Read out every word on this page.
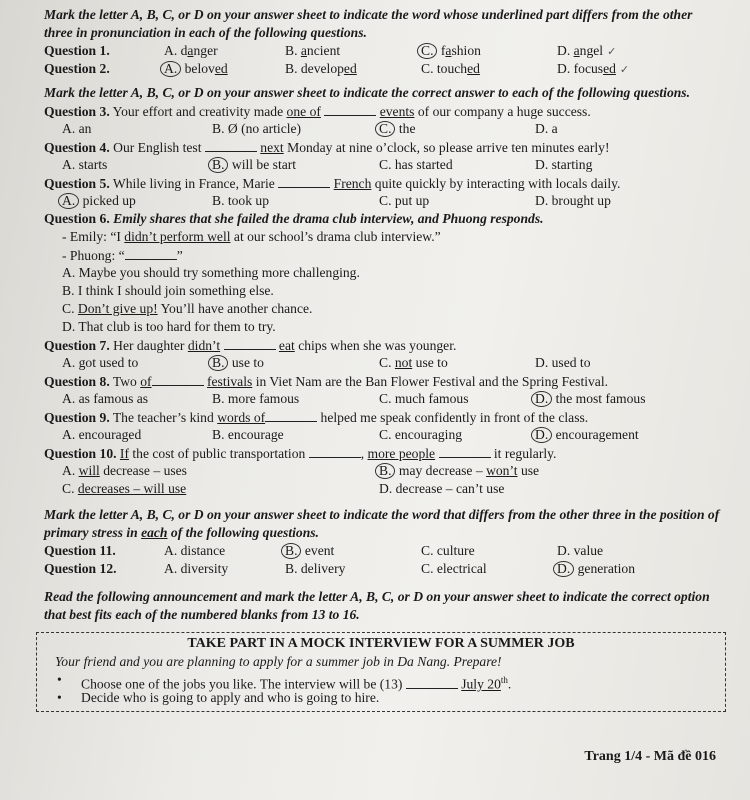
Mark the letter A, B, C, or D on your answer sheet to indicate the word whose underlined part differs from the other three in pronunciation in each of the following questions.

Question 1.	A. danger	B. ancient	C. fashion	D. angel ✓
Question 2.	A. beloved	B. developed	C. touched	D. focused ✓

Mark the letter A, B, C, or D on your answer sheet to indicate the correct answer to each of the following questions.

Question 3. Your effort and creativity made one of	events of our company a huge success.
A. an	B. Ø (no article)	C. the	D. a
Question 4. Our English test	next Monday at nine o’clock, so please arrive ten minutes early!
A. starts	B. will be start	C. has started	D. starting
Question 5. While living in France, Marie	French quite quickly by interacting with locals daily.
A. picked up	B. took up	C. put up	D. brought up
Question 6. Emily shares that she failed the drama club interview, and Phuong responds.
- Emily: “I didn’t perform well at our school’s drama club interview.”
- Phuong: “	”
A. Maybe you should try something more challenging.
B. I think I should join something else.
C. Don’t give up! You’ll have another chance.
D. That club is too hard for them to try.
Question 7. Her daughter didn’t	eat chips when she was younger.
A. got used to	B. use to	C. not use to	D. used to
Question 8. Two of	festivals in Viet Nam are the Ban Flower Festival and the Spring Festival.
A. as famous as	B. more famous	C. much famous	D. the most famous
Question 9. The teacher’s kind words of	helped me speak confidently in front of the class.
A. encouraged	B. encourage	C. encouraging	D. encouragement
Question 10. If the cost of public transportation	, more people	it regularly.
A. will decrease – uses	B. may decrease – won’t use
C. decreases – will use	D. decrease – can’t use

Mark the letter A, B, C, or D on your answer sheet to indicate the word that differs from the other three in the position of primary stress in each of the following questions.

Question 11.	A. distance	B. event	C. culture	D. value
Question 12.	A. diversity	B. delivery	C. electrical	D. generation

Read the following announcement and mark the letter A, B, C, or D on your answer sheet to indicate the correct option that best fits each of the numbered blanks from 13 to 16.

TAKE PART IN A MOCK INTERVIEW FOR A SUMMER JOB
Your friend and you are planning to apply for a summer job in Da Nang. Prepare!
• Choose one of the jobs you like. The interview will be (13)	July 20th.
• Decide who is going to apply and who is going to hire.
Trang 1/4 - Mã đề 016
